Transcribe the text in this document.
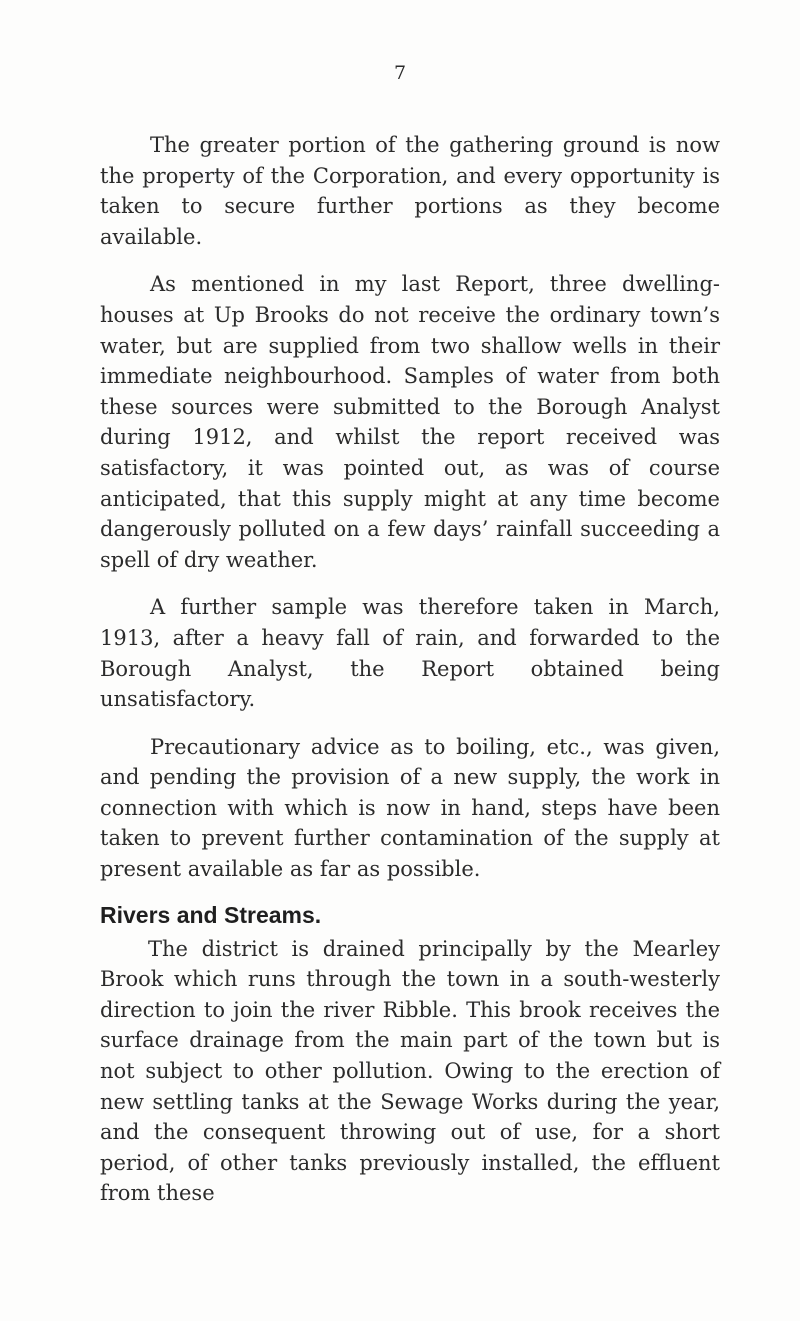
7

The greater portion of the gathering ground is now the property of the Corporation, and every opportunity is taken to secure further portions as they become available.

As mentioned in my last Report, three dwelling-houses at Up Brooks do not receive the ordinary town’s water, but are supplied from two shallow wells in their immediate neighbourhood. Samples of water from both these sources were submitted to the Borough Analyst during 1912, and whilst the report received was satisfactory, it was pointed out, as was of course anticipated, that this supply might at any time become dangerously polluted on a few days’ rainfall succeeding a spell of dry weather.

A further sample was therefore taken in March, 1913, after a heavy fall of rain, and forwarded to the Borough Analyst, the Report obtained being unsatisfactory.

Precautionary advice as to boiling, etc., was given, and pending the provision of a new supply, the work in connection with which is now in hand, steps have been taken to prevent further contamination of the supply at present available as far as possible.

Rivers and Streams.

The district is drained principally by the Mearley Brook which runs through the town in a south-westerly direction to join the river Ribble. This brook receives the surface drainage from the main part of the town but is not subject to other pollution. Owing to the erection of new settling tanks at the Sewage Works during the year, and the consequent throwing out of use, for a short period, of other tanks previously installed, the effluent from these
